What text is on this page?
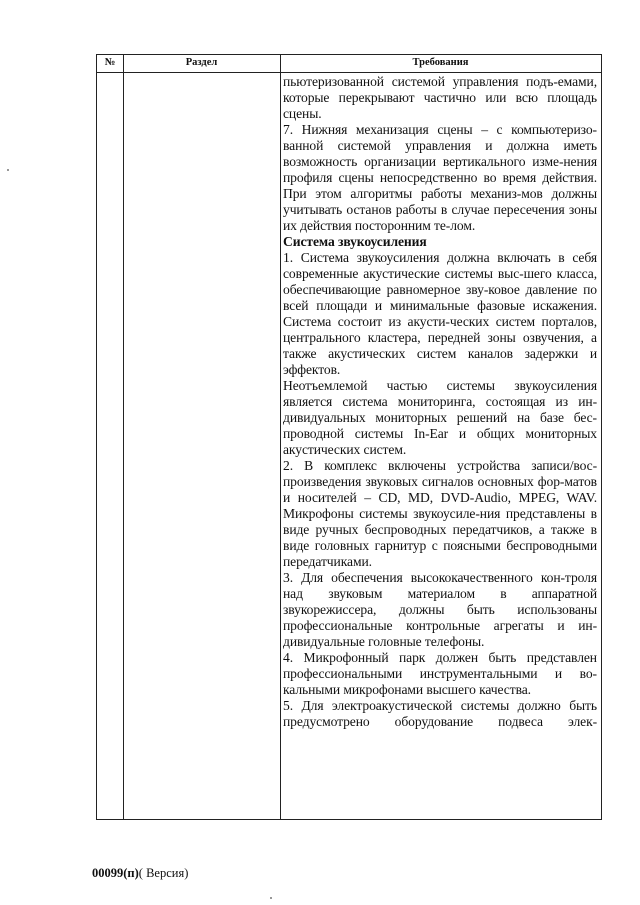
№	Раздел	Требования

пьютеризованной системой управления подъ-емами, которые перекрывают частично или всю площадь сцены.

7. Нижняя механизация сцены – с компьютеризо-ванной системой управления и должна иметь возможность организации вертикального изме-нения профиля сцены непосредственно во время действия. При этом алгоритмы работы механиз-мов должны учитывать останов работы в случае пересечения зоны их действия посторонним те-лом.

Система звукоусиления

1. Система звукоусиления должна включать в себя современные акустические системы выс-шего класса, обеспечивающие равномерное зву-ковое давление по всей площади и минимальные фазовые искажения. Система состоит из акусти-ческих систем порталов, центрального кластера, передней зоны озвучения, а также акустических систем каналов задержки и эффектов.

Неотъемлемой частью системы звукоусиления является система мониторинга, состоящая из ин-дивидуальных мониторных решений на базе бес-проводной системы In-Ear и общих мониторных акустических систем.

2. В комплекс включены устройства записи/вос-произведения звуковых сигналов основных фор-матов и носителей – CD, MD, DVD-Audio, MPEG, WAV. Микрофоны системы звукоусиле-ния представлены в виде ручных беспроводных передатчиков, а также в виде головных гарнитур с поясными беспроводными передатчиками.

3. Для обеспечения высококачественного кон-троля над звуковым материалом в аппаратной звукорежиссера, должны быть использованы профессиональные контрольные агрегаты и ин-дивидуальные головные телефоны.

4. Микрофонный парк должен быть представлен профессиональными инструментальными и во-кальными микрофонами высшего качества.

5. Для электроакустической системы должно быть предусмотрено оборудование подвеса элек-

00099(п)( Версия)
